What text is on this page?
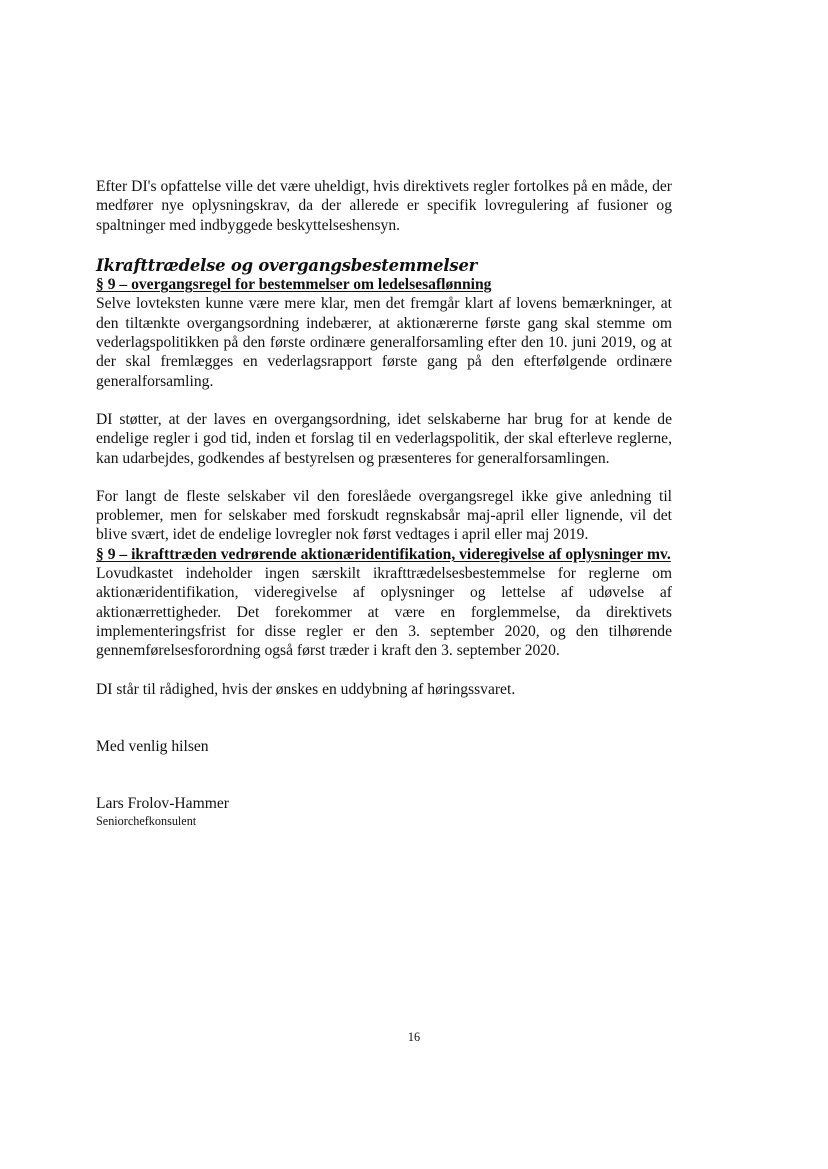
Efter DI's opfattelse ville det være uheldigt, hvis direktivets regler fortolkes på en måde, der medfører nye oplysningskrav, da der allerede er specifik lovregulering af fusioner og spaltninger med indbyggede beskyttelseshensyn.

Ikrafttrædelse og overgangsbestemmelser
§ 9 – overgangsregel for bestemmelser om ledelsesaflønning

Selve lovteksten kunne være mere klar, men det fremgår klart af lovens bemærkninger, at den tiltænkte overgangsordning indebærer, at aktionærerne første gang skal stemme om vederlagspolitikken på den første ordinære generalforsamling efter den 10. juni 2019, og at der skal fremlægges en vederlagsrapport første gang på den efterfølgende ordinære generalforsamling.

DI støtter, at der laves en overgangsordning, idet selskaberne har brug for at kende de endelige regler i god tid, inden et forslag til en vederlagspolitik, der skal efterleve reglerne, kan udarbejdes, godkendes af bestyrelsen og præsenteres for generalforsamlingen.

For langt de fleste selskaber vil den foreslåede overgangsregel ikke give anledning til problemer, men for selskaber med forskudt regnskabsår maj-april eller lignende, vil det blive svært, idet de endelige lovregler nok først vedtages i april eller maj 2019.

§ 9 – ikrafttræden vedrørende aktionæridentifikation, videregivelse af oplysninger mv.

Lovudkastet indeholder ingen særskilt ikrafttrædelsesbestemmelse for reglerne om aktionæridentifikation, videregivelse af oplysninger og lettelse af udøvelse af aktionærrettigheder. Det forekommer at være en forglemmelse, da direktivets implementeringsfrist for disse regler er den 3. september 2020, og den tilhørende gennemførelsesforordning også først træder i kraft den 3. september 2020.

DI står til rådighed, hvis der ønskes en uddybning af høringssvaret.

Med venlig hilsen

Lars Frolov-Hammer

Seniorchefkonsulent

16
